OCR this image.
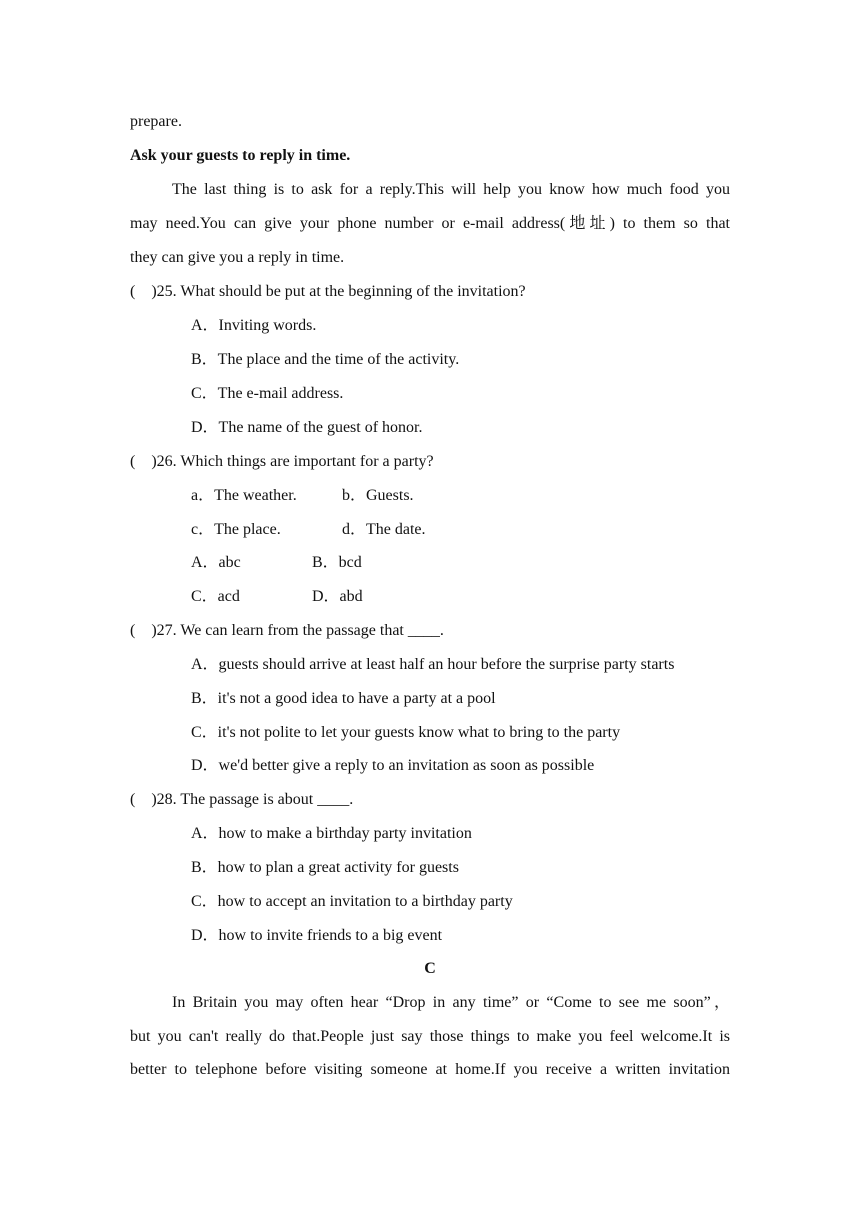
prepare.
Ask your guests to reply in time.
The last thing is to ask for a reply.This will help you know how much food you
may need.You can give your phone number or e-mail address(地址) to them so that
they can give you a reply in time.
(    )25. What should be put at the beginning of the invitation?
A．Inviting words.
B．The place and the time of the activity.
C．The e-mail address.
D．The name of the guest of honor.
(    )26. Which things are important for a party?
a．The weather.	b．Guests.
c．The place.	d．The date.
A．abc	B．bcd
C．acd	D．abd
(    )27. We can learn from the passage that ____.
A．guests should arrive at least half an hour before the surprise party starts
B．it's not a good idea to have a party at a pool
C．it's not polite to let your guests know what to bring to the party
D．we'd better give a reply to an invitation as soon as possible
(    )28. The passage is about ____.
A．how to make a birthday party invitation
B．how to plan a great activity for guests
C．how to accept an invitation to a birthday party
D．how to invite friends to a big event
C
In Britain you may often hear “Drop in any time” or “Come to see me soon”，
but you can't really do that.People just say those things to make you feel welcome.It is
better to telephone before visiting someone at home.If you receive a written invitation
